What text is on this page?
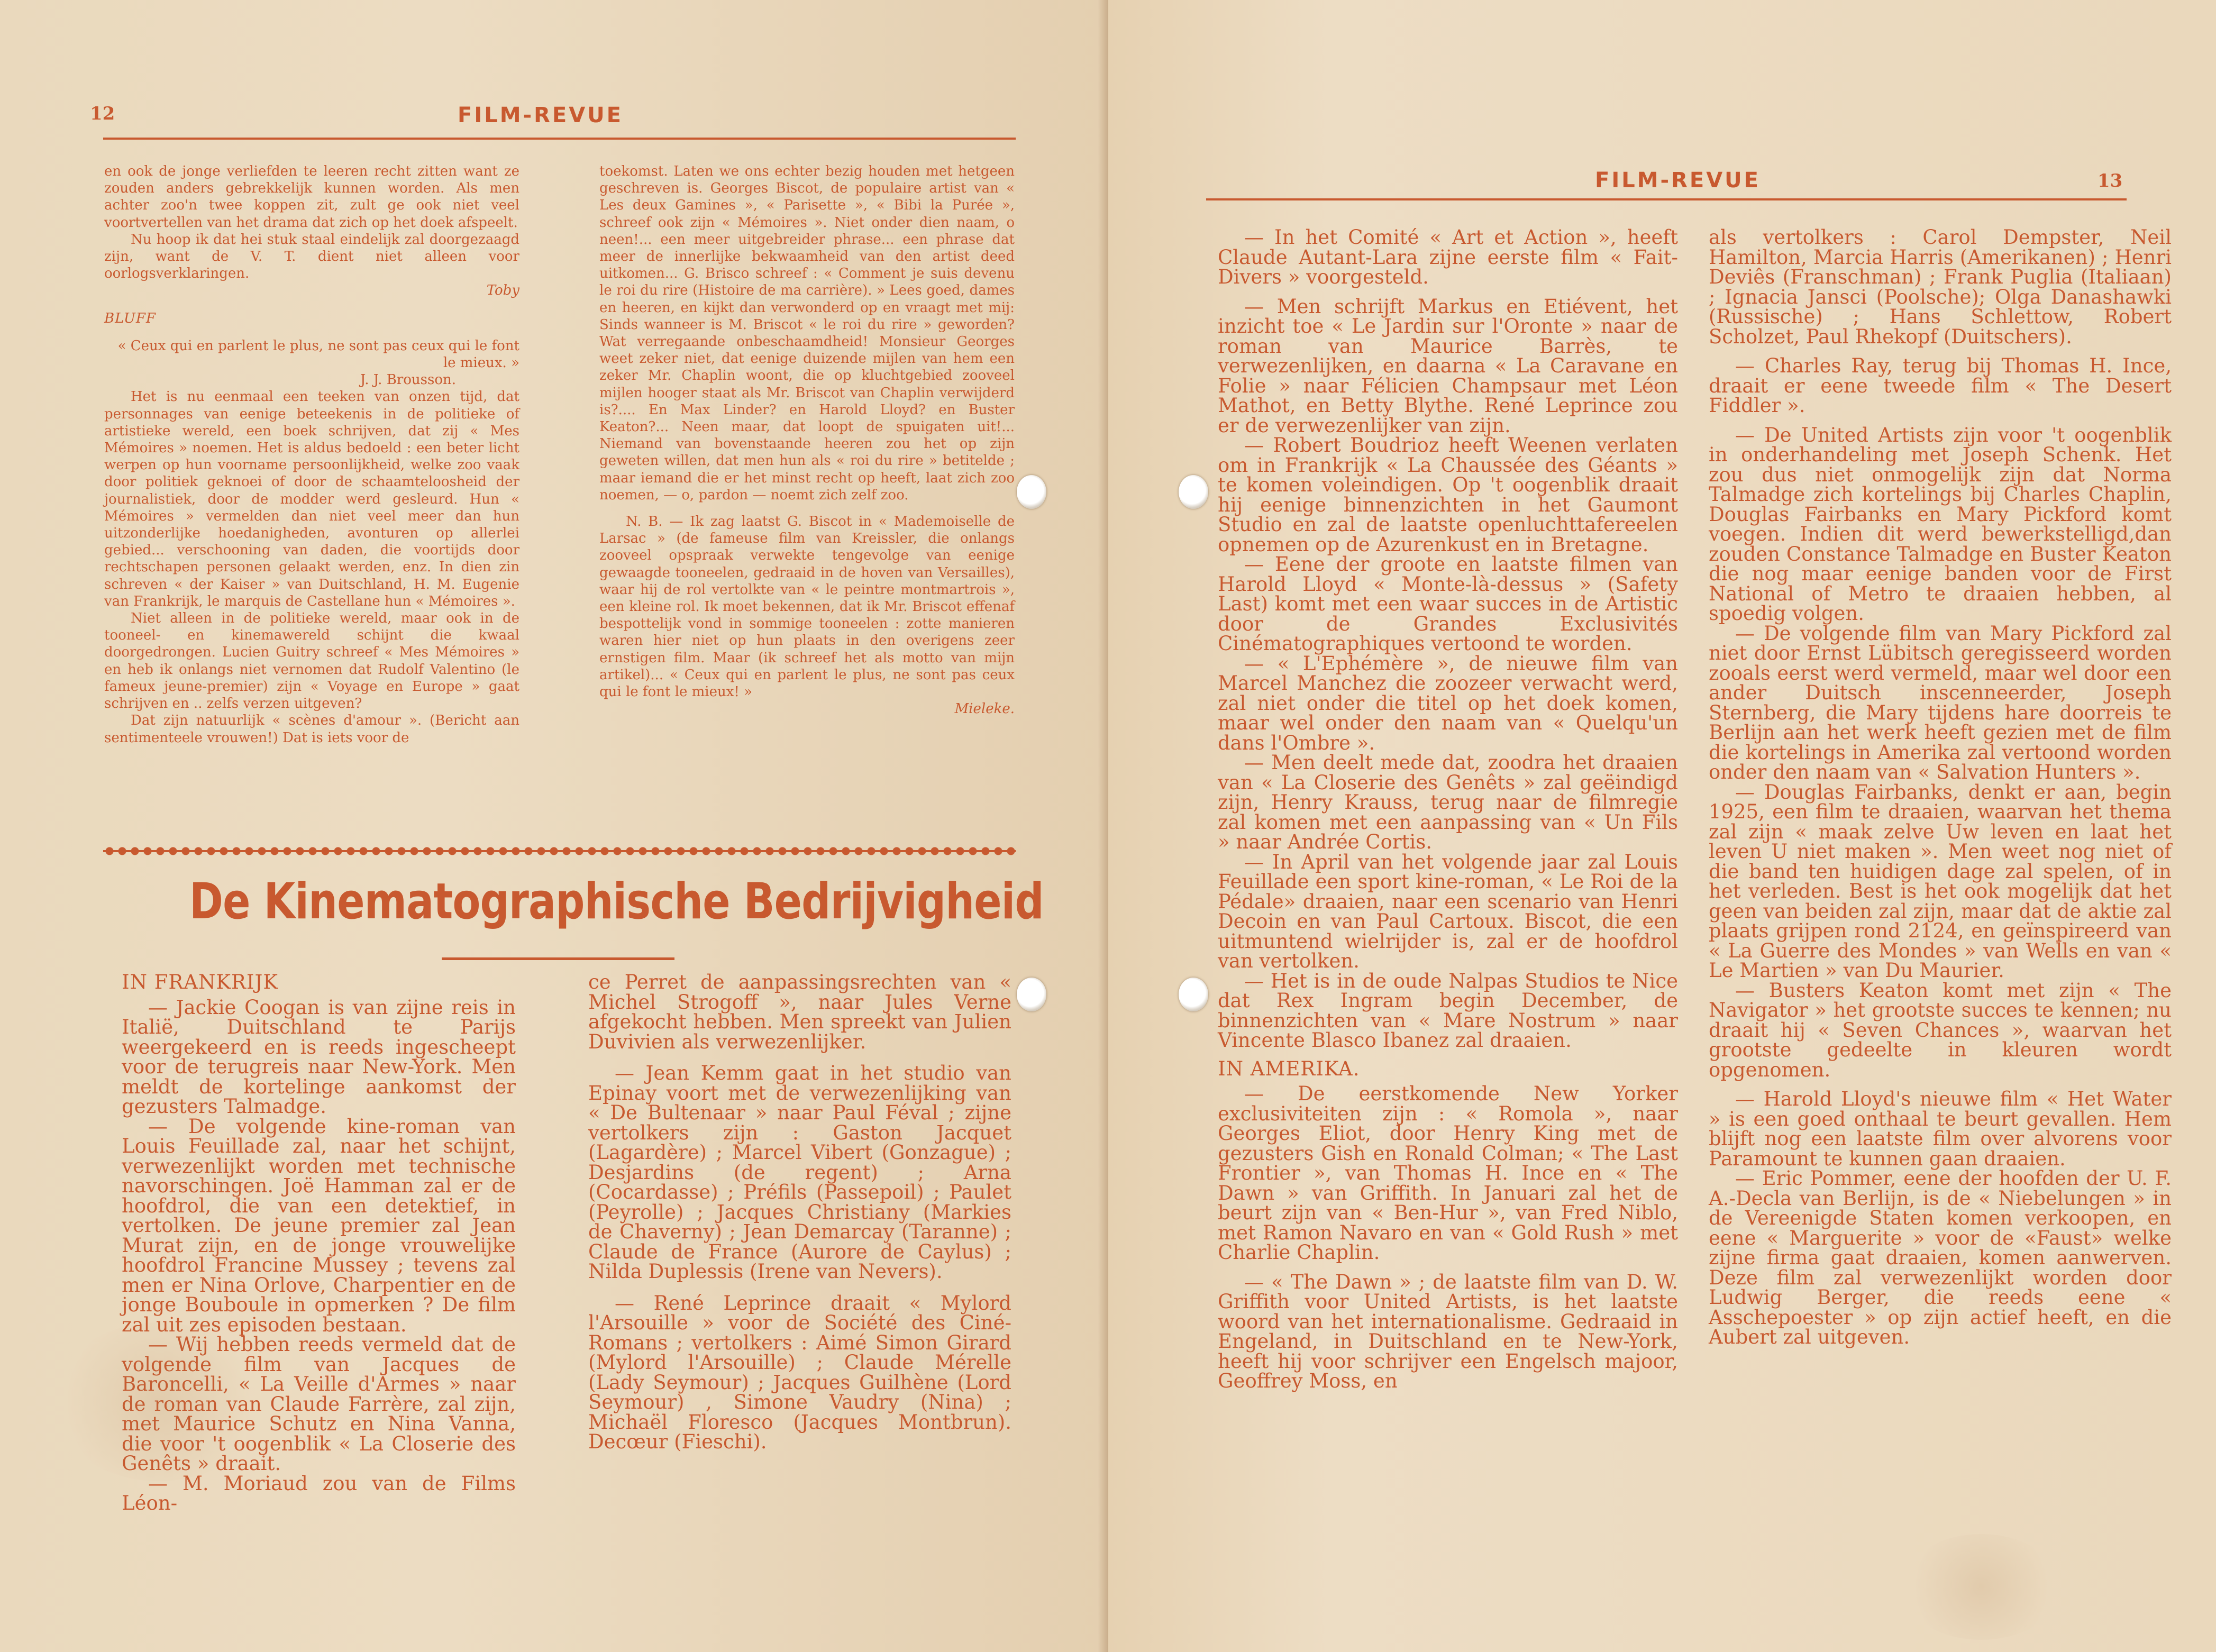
12	FILM-REVUE

en ook de jonge verliefden te leeren recht zitten want ze zouden anders gebrekkelijk kunnen worden. Als men achter zoo'n twee koppen zit, zult ge ook niet veel voortvertellen van het drama dat zich op het doek afspeelt.

Nu hoop ik dat hei stuk staal eindelijk zal doorgezaagd zijn, want de V. T. dient niet alleen voor oorlogsverklaringen.

Toby

BLUFF

« Ceux qui en parlent le plus, ne sont pas ceux qui le font le mieux. »

J. J. Brousson.

Het is nu eenmaal een teeken van onzen tijd, dat personnages van eenige beteekenis in de politieke of artistieke wereld, een boek schrijven, dat zij « Mes Mémoires » noemen. Het is aldus bedoeld : een beter licht werpen op hun voorname persoonlijkheid, welke zoo vaak door politiek geknoei of door de schaamteloosheid der journalistiek, door de modder werd gesleurd. Hun « Mémoires » vermelden dan niet veel meer dan hun uitzonderlijke hoedanigheden, avonturen op allerlei gebied... verschooning van daden, die voortijds door rechtschapen personen gelaakt werden, enz. In dien zin schreven « der Kaiser » van Duitschland, H. M. Eugenie van Frankrijk, le marquis de Castellane hun « Mémoires ».

Niet alleen in de politieke wereld, maar ook in de tooneel- en kinemawereld schijnt die kwaal doorgedrongen. Lucien Guitry schreef « Mes Mémoires » en heb ik onlangs niet vernomen dat Rudolf Valentino (le fameux jeune-premier) zijn « Voyage en Europe » gaat schrijven en .. zelfs verzen uitgeven?

Dat zijn natuurlijk « scènes d'amour ». (Bericht aan sentimenteele vrouwen!) Dat is iets voor de

toekomst. Laten we ons echter bezig houden met hetgeen geschreven is. Georges Biscot, de populaire artist van « Les deux Gamines », « Parisette », « Bibi la Purée », schreef ook zijn « Mémoires ». Niet onder dien naam, o neen!... een meer uitgebreider phrase... een phrase dat meer de innerlijke bekwaamheid van den artist deed uitkomen... G. Brisco schreef : « Comment je suis devenu le roi du rire (Histoire de ma carrière). » Lees goed, dames en heeren, en kijkt dan verwonderd op en vraagt met mij: Sinds wanneer is M. Briscot « le roi du rire » geworden? Wat verregaande onbeschaamdheid! Monsieur Georges weet zeker niet, dat eenige duizende mijlen van hem een zeker Mr. Chaplin woont, die op kluchtgebied zooveel mijlen hooger staat als Mr. Briscot van Chaplin verwijderd is?.... En Max Linder? en Harold Lloyd? en Buster Keaton?... Neen maar, dat loopt de spuigaten uit!... Niemand van bovenstaande heeren zou het op zijn geweten willen, dat men hun als « roi du rire » betitelde ; maar iemand die er het minst recht op heeft, laat zich zoo noemen, — o, pardon — noemt zich zelf zoo.

N. B. — Ik zag laatst G. Biscot in « Mademoiselle de Larsac » (de fameuse film van Kreissler, die onlangs zooveel opspraak verwekte tengevolge van eenige gewaagde tooneelen, gedraaid in de hoven van Versailles), waar hij de rol vertolkte van « le peintre montmartrois », een kleine rol. Ik moet bekennen, dat ik Mr. Briscot effenaf bespottelijk vond in sommige tooneelen : zotte manieren waren hier niet op hun plaats in den overigens zeer ernstigen film. Maar (ik schreef het als motto van mijn artikel)... « Ceux qui en parlent le plus, ne sont pas ceux qui le font le mieux! »

Mieleke.
De Kinematographische Bedrijvigheid

IN FRANKRIJK

— Jackie Coogan is van zijne reis in Italië, Duitschland te Parijs weergekeerd en is reeds ingescheept voor de terugreis naar New-York. Men meldt de kortelinge aankomst der gezusters Talmadge.

— De volgende kine-roman van Louis Feuillade zal, naar het schijnt, verwezenlijkt worden met technische navorschingen. Joë Hamman zal er de hoofdrol, die van een detektief, in vertolken. De jeune premier zal Jean Murat zijn, en de jonge vrouwelijke hoofdrol Francine Mussey ; tevens zal men er Nina Orlove, Charpentier en de jonge Bouboule in opmerken ? De film zal uit zes episoden bestaan.

— Wij hebben reeds vermeld dat de volgende film van Jacques de Baroncelli, « La Veille d'Armes » naar de roman van Claude Farrère, zal zijn, met Maurice Schutz en Nina Vanna, die voor 't oogenblik « La Closerie des Genêts » draait.

— M. Moriaud zou van de Films Léon-

ce Perret de aanpassingsrechten van « Michel Strogoff », naar Jules Verne afgekocht hebben. Men spreekt van Julien Duvivien als verwezenlijker.

— Jean Kemm gaat in het studio van Epinay voort met de verwezenlijking van « De Bultenaar » naar Paul Féval ; zijne vertolkers zijn : Gaston Jacquet (Lagardère) ; Marcel Vibert (Gonzague) ; Desjardins (de regent) ; Arna (Cocardasse) ; Préfils (Passepoil) ; Paulet (Peyrolle) ; Jacques Christiany (Markies de Chaverny) ; Jean Demarcay (Taranne) ; Claude de France (Aurore de Caylus) ; Nilda Duplessis (Irene van Nevers).

— René Leprince draait « Mylord l'Arsouille » voor de Société des Ciné-Romans ; vertolkers : Aimé Simon Girard (Mylord l'Arsouille) ; Claude Mérelle (Lady Seymour) ; Jacques Guilhène (Lord Seymour) , Simone Vaudry (Nina) ; Michaël Floresco (Jacques Montbrun). Decœur (Fieschi).

FILM-REVUE	13

— In het Comité « Art et Action », heeft Claude Autant-Lara zijne eerste film « Fait-Divers » voorgesteld.

— Men schrijft Markus en Etiévent, het inzicht toe « Le Jardin sur l'Oronte » naar de roman van Maurice Barrès, te verwezenlijken, en daarna « La Caravane en Folie » naar Félicien Champsaur met Léon Mathot, en Betty Blythe. René Leprince zou er de verwezenlijker van zijn.

— Robert Boudrioz heeft Weenen verlaten om in Frankrijk « La Chaussée des Géants » te komen voleindigen. Op 't oogenblik draait hij eenige binnenzichten in het Gaumont Studio en zal de laatste openluchttafereelen opnemen op de Azurenkust en in Bretagne.

— Eene der groote en laatste filmen van Harold Lloyd « Monte-là-dessus » (Safety Last) komt met een waar succes in de Artistic door de Grandes Exclusivités Cinématographiques vertoond te worden.

— « L'Ephémère », de nieuwe film van Marcel Manchez die zoozeer verwacht werd, zal niet onder die titel op het doek komen, maar wel onder den naam van « Quelqu'un dans l'Ombre ».

— Men deelt mede dat, zoodra het draaien van « La Closerie des Genêts » zal geëindigd zijn, Henry Krauss, terug naar de filmregie zal komen met een aanpassing van « Un Fils » naar Andrée Cortis.

— In April van het volgende jaar zal Louis Feuillade een sport kine-roman, « Le Roi de la Pédale» draaien, naar een scenario van Henri Decoin en van Paul Cartoux. Biscot, die een uitmuntend wielrijder is, zal er de hoofdrol van vertolken.

— Het is in de oude Nalpas Studios te Nice dat Rex Ingram begin December, de binnenzichten van « Mare Nostrum » naar Vincente Blasco Ibanez zal draaien.

IN AMERIKA.

— De eerstkomende New Yorker exclusiviteiten zijn : « Romola », naar Georges Eliot, door Henry King met de gezusters Gish en Ronald Colman; « The Last Frontier », van Thomas H. Ince en « The Dawn » van Griffith. In Januari zal het de beurt zijn van « Ben-Hur », van Fred Niblo, met Ramon Navaro en van « Gold Rush » met Charlie Chaplin.

— « The Dawn » ; de laatste film van D. W. Griffith voor United Artists, is het laatste woord van het internationalisme. Gedraaid in Engeland, in Duitschland en te New-York, heeft hij voor schrijver een Engelsch majoor, Geoffrey Moss, en

als vertolkers : Carol Dempster, Neil Hamilton, Marcia Harris (Amerikanen) ; Henri Deviês (Franschman) ; Frank Puglia (Italiaan) ; Ignacia Jansci (Poolsche); Olga Danashawki (Russische) ; Hans Schlettow, Robert Scholzet, Paul Rhekopf (Duitschers).

— Charles Ray, terug bij Thomas H. Ince, draait er eene tweede film « The Desert Fiddler ».

— De United Artists zijn voor 't oogenblik in onderhandeling met Joseph Schenk. Het zou dus niet onmogelijk zijn dat Norma Talmadge zich kortelings bij Charles Chaplin, Douglas Fairbanks en Mary Pickford komt voegen. Indien dit werd bewerkstelligd,dan zouden Constance Talmadge en Buster Keaton die nog maar eenige banden voor de First National of Metro te draaien hebben, al spoedig volgen.

— De volgende film van Mary Pickford zal niet door Ernst Lübitsch geregisseerd worden zooals eerst werd vermeld, maar wel door een ander Duitsch inscenneerder, Joseph Sternberg, die Mary tijdens hare doorreis te Berlijn aan het werk heeft gezien met de film die kortelings in Amerika zal vertoond worden onder den naam van « Salvation Hunters ».

— Douglas Fairbanks, denkt er aan, begin 1925, een film te draaien, waarvan het thema zal zijn « maak zelve Uw leven en laat het leven U niet maken ». Men weet nog niet of die band ten huidigen dage zal spelen, of in het verleden. Best is het ook mogelijk dat het geen van beiden zal zijn, maar dat de aktie zal plaats grijpen rond 2124, en geïnspireerd van « La Guerre des Mondes » van Wells en van « Le Martien » van Du Maurier.

— Busters Keaton komt met zijn « The Navigator » het grootste succes te kennen; nu draait hij « Seven Chances », waarvan het grootste gedeelte in kleuren wordt opgenomen.

— Harold Lloyd's nieuwe film « Het Water » is een goed onthaal te beurt gevallen. Hem blijft nog een laatste film over alvorens voor Paramount te kunnen gaan draaien.

— Eric Pommer, eene der hoofden der U. F. A.-Decla van Berlijn, is de « Niebelungen » in de Vereenigde Staten komen verkoopen, en eene « Marguerite » voor de «Faust» welke zijne firma gaat draaien, komen aanwerven. Deze film zal verwezenlijkt worden door Ludwig Berger, die reeds eene « Asschepoester » op zijn actief heeft, en die Aubert zal uitgeven.
